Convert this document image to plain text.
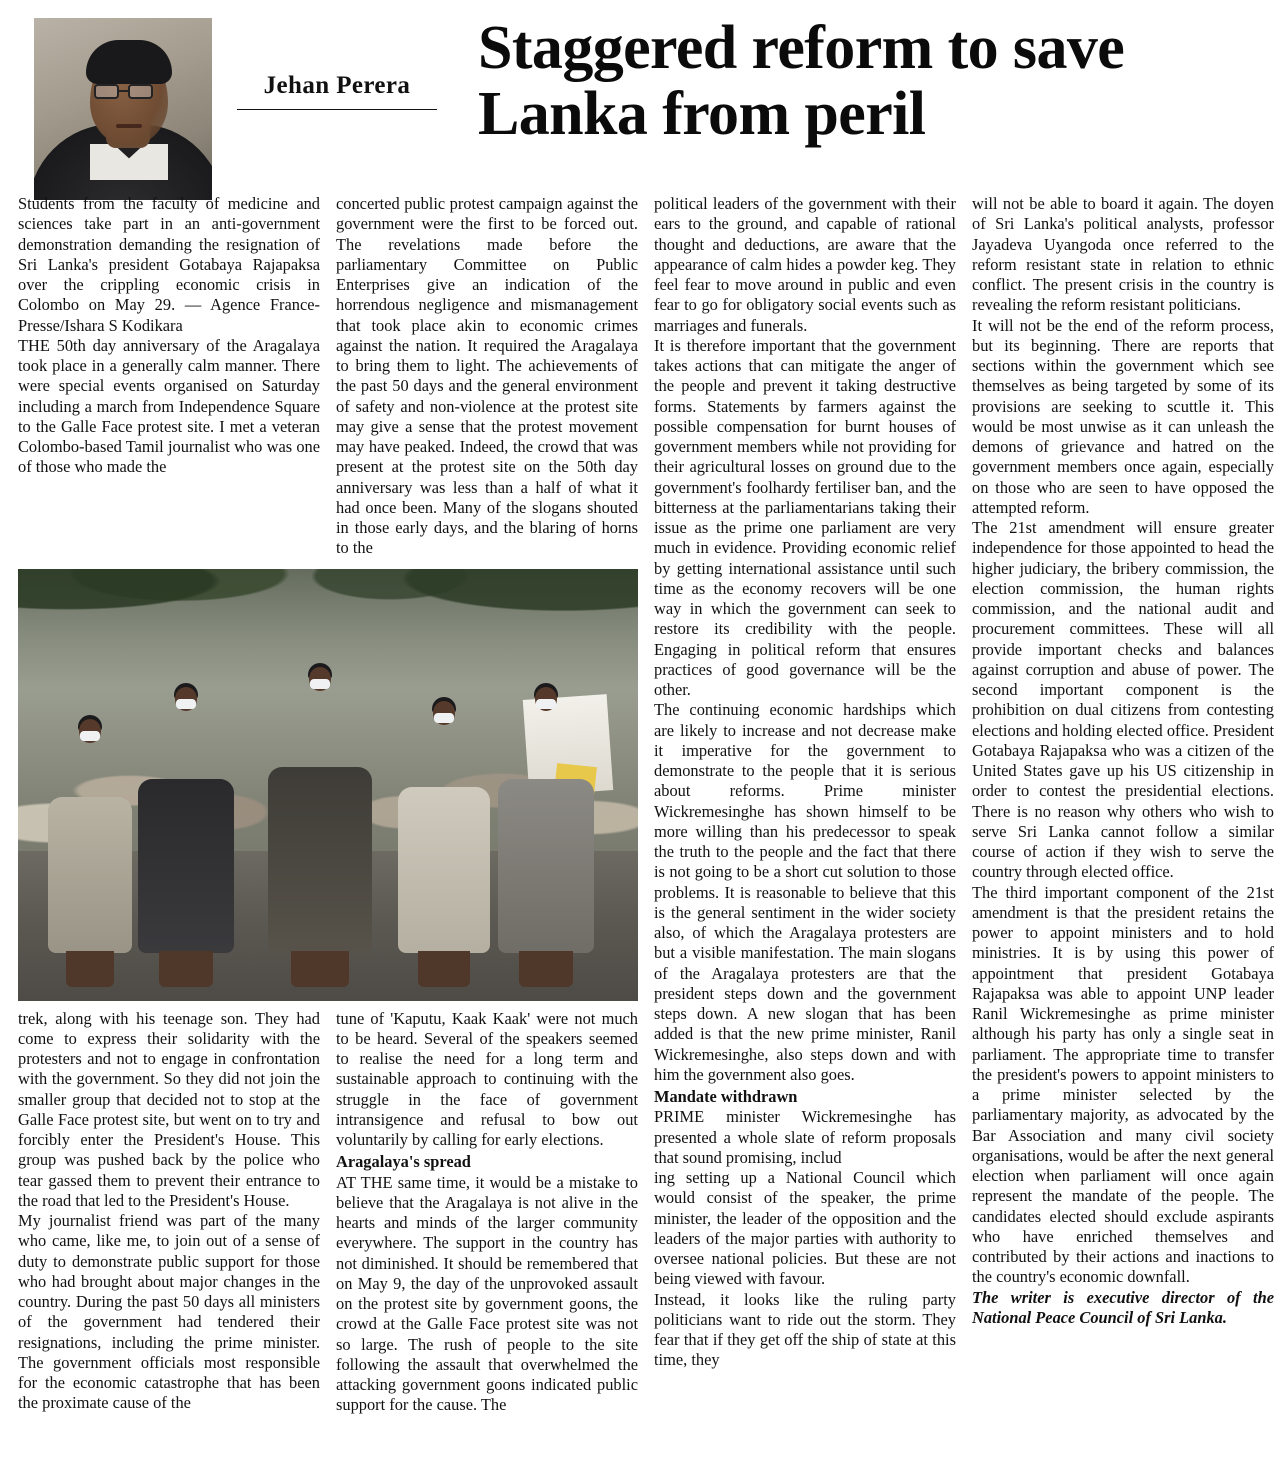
Jehan Perera
Staggered reform to save Lanka from peril

Students from the faculty of medicine and sciences take part in an anti-government demonstration demanding the resignation of Sri Lanka's president Gotabaya Rajapaksa over the crippling economic crisis in Colombo on May 29. — Agence France-Presse/Ishara S Kodikara

THE 50th day anniversary of the Aragalaya took place in a generally calm manner. There were special events organised on Saturday including a march from Independence Square to the Galle Face protest site. I met a veteran Colombo-based Tamil journalist who was one of those who made the

concerted public protest campaign against the government were the first to be forced out. The revelations made before the parliamentary Committee on Public Enterprises give an indication of the horrendous negligence and mismanagement that took place akin to economic crimes against the nation. It required the Aragalaya to bring them to light. The achievements of the past 50 days and the general environment of safety and non-violence at the protest site may give a sense that the protest movement may have peaked. Indeed, the crowd that was present at the protest site on the 50th day anniversary was less than a half of what it had once been. Many of the slogans shouted in those early days, and the blaring of horns to the

trek, along with his teenage son. They had come to express their solidarity with the protesters and not to engage in confrontation with the government. So they did not join the smaller group that decided not to stop at the Galle Face protest site, but went on to try and forcibly enter the President's House. This group was pushed back by the police who tear gassed them to prevent their entrance to the road that led to the President's House.

My journalist friend was part of the many who came, like me, to join out of a sense of duty to demonstrate public support for those who had brought about major changes in the country. During the past 50 days all ministers of the government had tendered their resignations, including the prime minister. The government officials most responsible for the economic catastrophe that has been the proximate cause of the

tune of 'Kaputu, Kaak Kaak' were not much to be heard. Several of the speakers seemed to realise the need for a long term and sustainable approach to continuing with the struggle in the face of government intransigence and refusal to bow out voluntarily by calling for early elections.

Aragalaya's spread

AT THE same time, it would be a mistake to believe that the Aragalaya is not alive in the hearts and minds of the larger community everywhere. The support in the country has not diminished. It should be remembered that on May 9, the day of the unprovoked assault on the protest site by government goons, the crowd at the Galle Face protest site was not so large. The rush of people to the site following the assault that overwhelmed the attacking government goons indicated public support for the cause. The

political leaders of the government with their ears to the ground, and capable of rational thought and deductions, are aware that the appearance of calm hides a powder keg. They feel fear to move around in public and even fear to go for obligatory social events such as marriages and funerals.

It is therefore important that the government takes actions that can mitigate the anger of the people and prevent it taking destructive forms. Statements by farmers against the possible compensation for burnt houses of government members while not providing for their agricultural losses on ground due to the government's foolhardy fertiliser ban, and the bitterness at the parliamentarians taking their issue as the prime one parliament are very much in evidence. Providing economic relief by getting international assistance until such time as the economy recovers will be one way in which the government can seek to restore its credibility with the people. Engaging in political reform that ensures practices of good governance will be the other.

The continuing economic hardships which are likely to increase and not decrease make it imperative for the government to demonstrate to the people that it is serious about reforms. Prime minister Wickremesinghe has shown himself to be more willing than his predecessor to speak the truth to the people and the fact that there is not going to be a short cut solution to those problems. It is reasonable to believe that this is the general sentiment in the wider society also, of which the Aragalaya protesters are but a visible manifestation. The main slogans of the Aragalaya protesters are that the president steps down and the government steps down. A new slogan that has been added is that the new prime minister, Ranil Wickremesinghe, also steps down and with him the government also goes.

Mandate withdrawn

PRIME minister Wickremesinghe has presented a whole slate of reform proposals that sound promising, includ

ing setting up a National Council which would consist of the speaker, the prime minister, the leader of the opposition and the leaders of the major parties with authority to oversee national policies. But these are not being viewed with favour.

Instead, it looks like the ruling party politicians want to ride out the storm. They fear that if they get off the ship of state at this time, they

will not be able to board it again. The doyen of Sri Lanka's political analysts, professor Jayadeva Uyangoda once referred to the reform resistant state in relation to ethnic conflict. The present crisis in the country is revealing the reform resistant politicians.

It will not be the end of the reform process, but its beginning. There are reports that sections within the government which see themselves as being targeted by some of its provisions are seeking to scuttle it. This would be most unwise as it can unleash the demons of grievance and hatred on the government members once again, especially on those who are seen to have opposed the attempted reform.

The 21st amendment will ensure greater independence for those appointed to head the higher judiciary, the bribery commission, the election commission, the human rights commission, and the national audit and procurement committees. These will all provide important checks and balances against corruption and abuse of power. The second important component is the prohibition on dual citizens from contesting elections and holding elected office. President Gotabaya Rajapaksa who was a citizen of the United States gave up his US citizenship in order to contest the presidential elections. There is no reason why others who wish to serve Sri Lanka cannot follow a similar course of action if they wish to serve the country through elected office.

The third important component of the 21st amendment is that the president retains the power to appoint ministers and to hold ministries. It is by using this power of appointment that president Gotabaya Rajapaksa was able to appoint UNP leader Ranil Wickremesinghe as prime minister although his party has only a single seat in parliament. The appropriate time to transfer the president's powers to appoint ministers to a prime minister selected by the parliamentary majority, as advocated by the Bar Association and many civil society organisations, would be after the next general election when parliament will once again represent the mandate of the people. The candidates elected should exclude aspirants who have enriched themselves and contributed by their actions and inactions to the country's economic downfall.

The writer is executive director of the National Peace Council of Sri Lanka.
